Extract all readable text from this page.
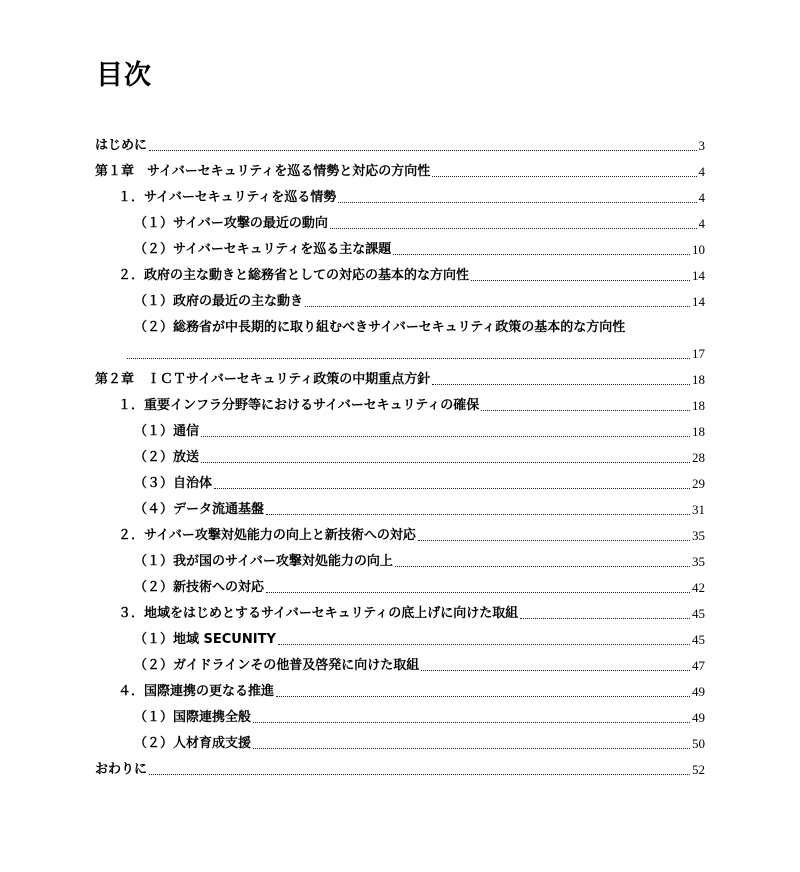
目次
はじめに	3
第１章　サイバーセキュリティを巡る情勢と対応の方向性	4
１．サイバーセキュリティを巡る情勢	4
（１）サイバー攻撃の最近の動向	4
（２）サイバーセキュリティを巡る主な課題	10
２．政府の主な動きと総務省としての対応の基本的な方向性	14
（１）政府の最近の主な動き	14
（２）総務省が中長期的に取り組むべきサイバーセキュリティ政策の基本的な方向性
17
第２章　ＩＣＴサイバーセキュリティ政策の中期重点方針	18
１．重要インフラ分野等におけるサイバーセキュリティの確保	18
（１）通信	18
（２）放送	28
（３）自治体	29
（４）データ流通基盤	31
２．サイバー攻撃対処能力の向上と新技術への対応	35
（１）我が国のサイバー攻撃対処能力の向上	35
（２）新技術への対応	42
３．地域をはじめとするサイバーセキュリティの底上げに向けた取組	45
（１）地域 SECUNITY	45
（２）ガイドラインその他普及啓発に向けた取組	47
４．国際連携の更なる推進	49
（１）国際連携全般	49
（２）人材育成支援	50
おわりに	52
